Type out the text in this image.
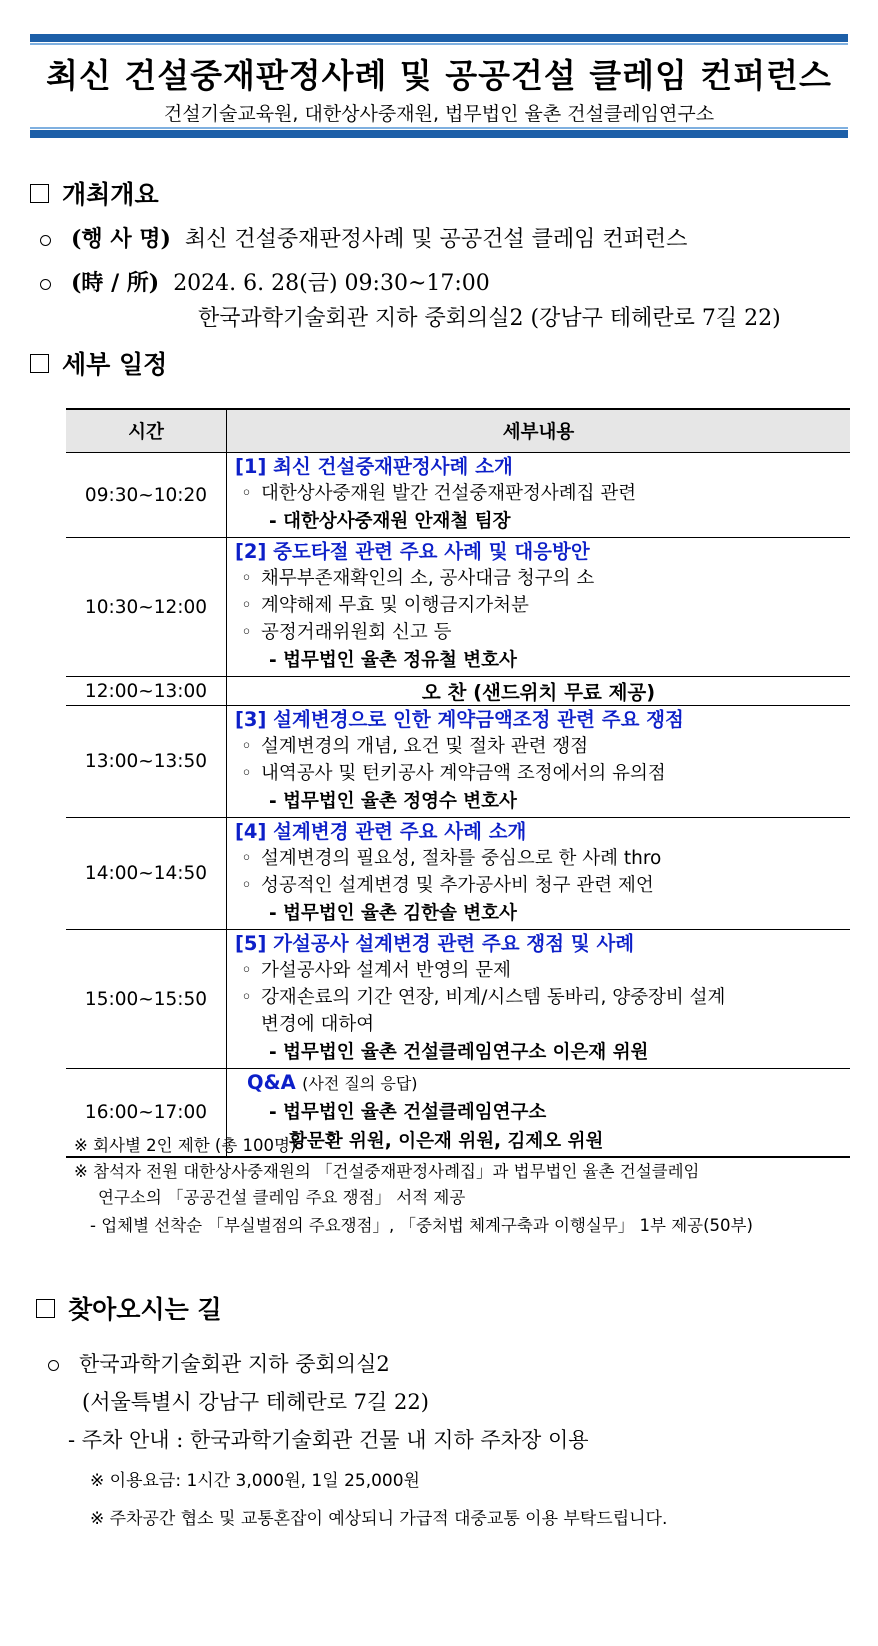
최신 건설중재판정사례 및 공공건설 클레임 컨퍼런스
건설기술교육원, 대한상사중재원, 법무법인 율촌 건설클레임연구소
개최개요
(행 사 명) 최신 건설중재판정사례 및 공공건설 클레임 컨퍼런스
(時 / 所) 2024. 6. 28(금) 09:30~17:00
한국과학기술회관 지하 중회의실2 (강남구 테헤란로 7길 22)
세부 일정
시간	세부내용
09:30~10:20	[1] 최신 건설중재판정사례 소개
◦ 대한상사중재원 발간 건설중재판정사례집 관련
- 대한상사중재원 안재철 팀장

10:30~12:00	[2] 중도타절 관련 주요 사례 및 대응방안
◦ 채무부존재확인의 소, 공사대금 청구의 소
◦ 계약해제 무효 및 이행금지가처분
◦ 공정거래위원회 신고 등
- 법무법인 율촌 정유철 변호사

12:00~13:00	오 찬 (샌드위치 무료 제공)
13:00~13:50	[3] 설계변경으로 인한 계약금액조정 관련 주요 쟁점
◦ 설계변경의 개념, 요건 및 절차 관련 쟁점
◦ 내역공사 및 턴키공사 계약금액 조정에서의 유의점
- 법무법인 율촌 정영수 변호사

14:00~14:50	[4] 설계변경 관련 주요 사례 소개
◦ 설계변경의 필요성, 절차를 중심으로 한 사례 thro
◦ 성공적인 설계변경 및 추가공사비 청구 관련 제언
- 법무법인 율촌 김한솔 변호사

15:00~15:50	[5] 가설공사 설계변경 관련 주요 쟁점 및 사례
◦ 가설공사와 설계서 반영의 문제
◦ 강재손료의 기간 연장, 비계/시스템 동바리, 양중장비 설계
변경에 대하여
- 법무법인 율촌 건설클레임연구소 이은재 위원

16:00~17:00	Q&A (사전 질의 응답)
- 법무법인 율촌 건설클레임연구소
황문환 위원, 이은재 위원, 김제오 위원
※ 회사별 2인 제한 (총 100명)
※ 참석자 전원 대한상사중재원의 「건설중재판정사례집」과 법무법인 율촌 건설클레임
연구소의 「공공건설 클레임 주요 쟁점」 서적 제공
- 업체별 선착순 「부실벌점의 주요쟁점」, 「중처법 체계구축과 이행실무」 1부 제공(50부)
찾아오시는 길
한국과학기술회관 지하 중회의실2
(서울특별시 강남구 테헤란로 7길 22)
- 주차 안내 : 한국과학기술회관 건물 내 지하 주차장 이용
※ 이용요금: 1시간 3,000원, 1일 25,000원
※ 주차공간 협소 및 교통혼잡이 예상되니 가급적 대중교통 이용 부탁드립니다.
